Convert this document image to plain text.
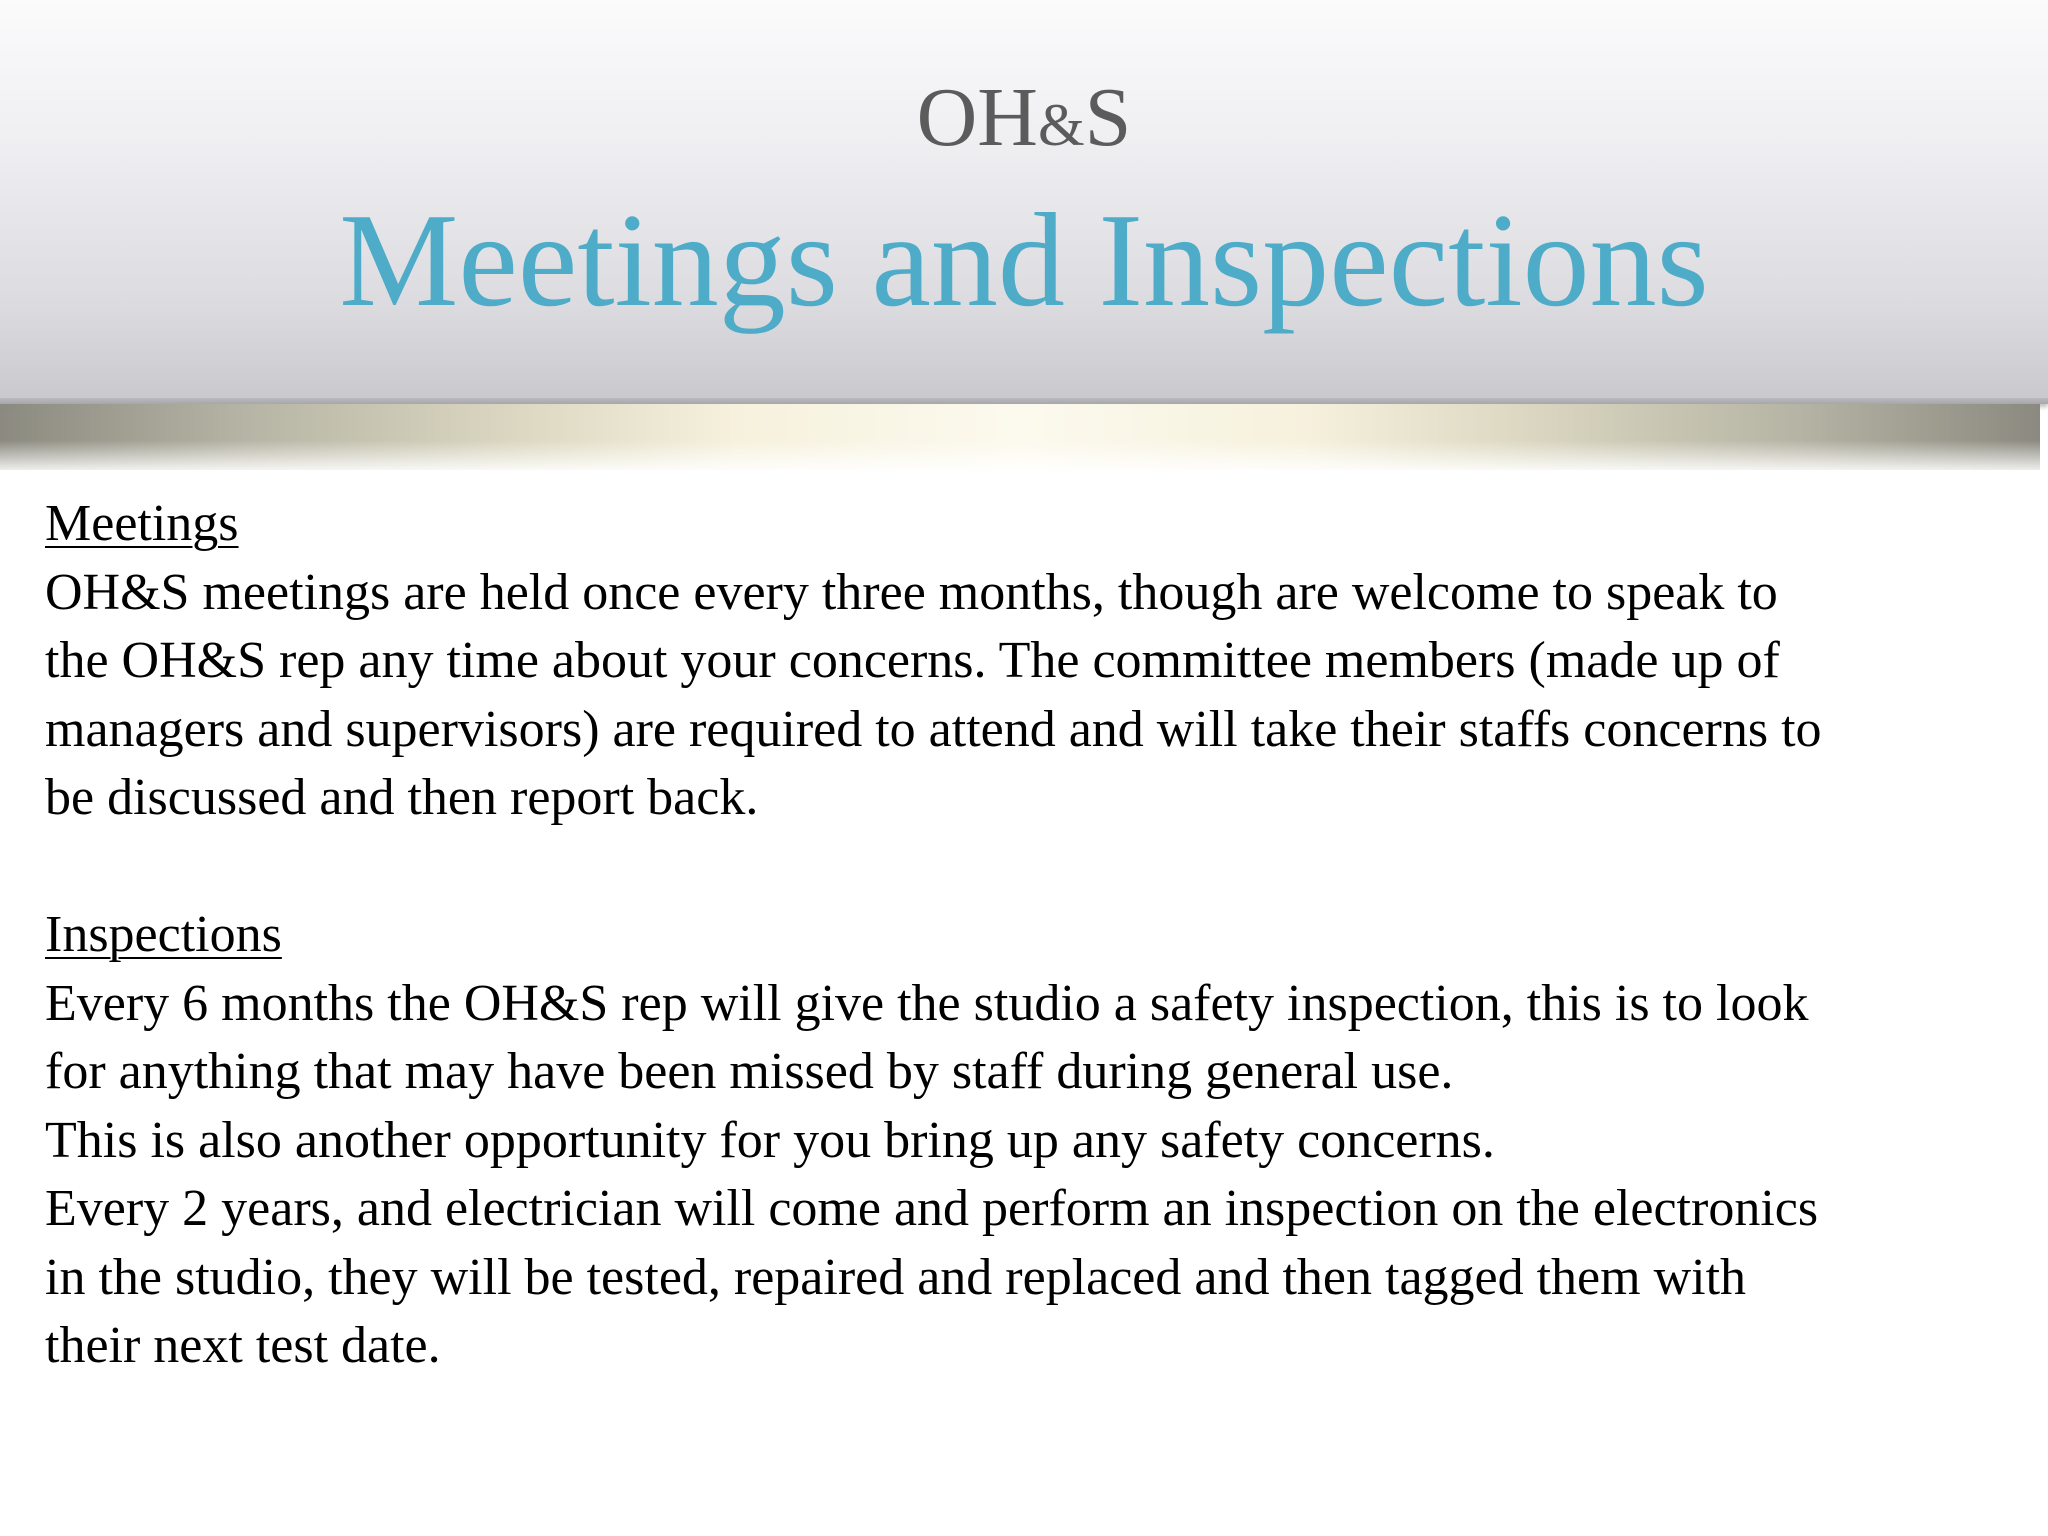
OH&S

Meetings and Inspections

Meetings

OH&S meetings are held once every three months, though are welcome to speak to

the OH&S rep any time about your concerns. The committee members (made up of

managers and supervisors) are required to attend and will take their staffs concerns to

be discussed and then report back.

Inspections

Every 6 months the OH&S rep will give the studio a safety inspection, this is to look

for anything that may have been missed by staff during general use.

This is also another opportunity for you bring up any safety concerns.

Every 2 years, and electrician will come and perform an inspection on the electronics

in the studio, they will be tested, repaired and replaced and then tagged them with

their next test date.
